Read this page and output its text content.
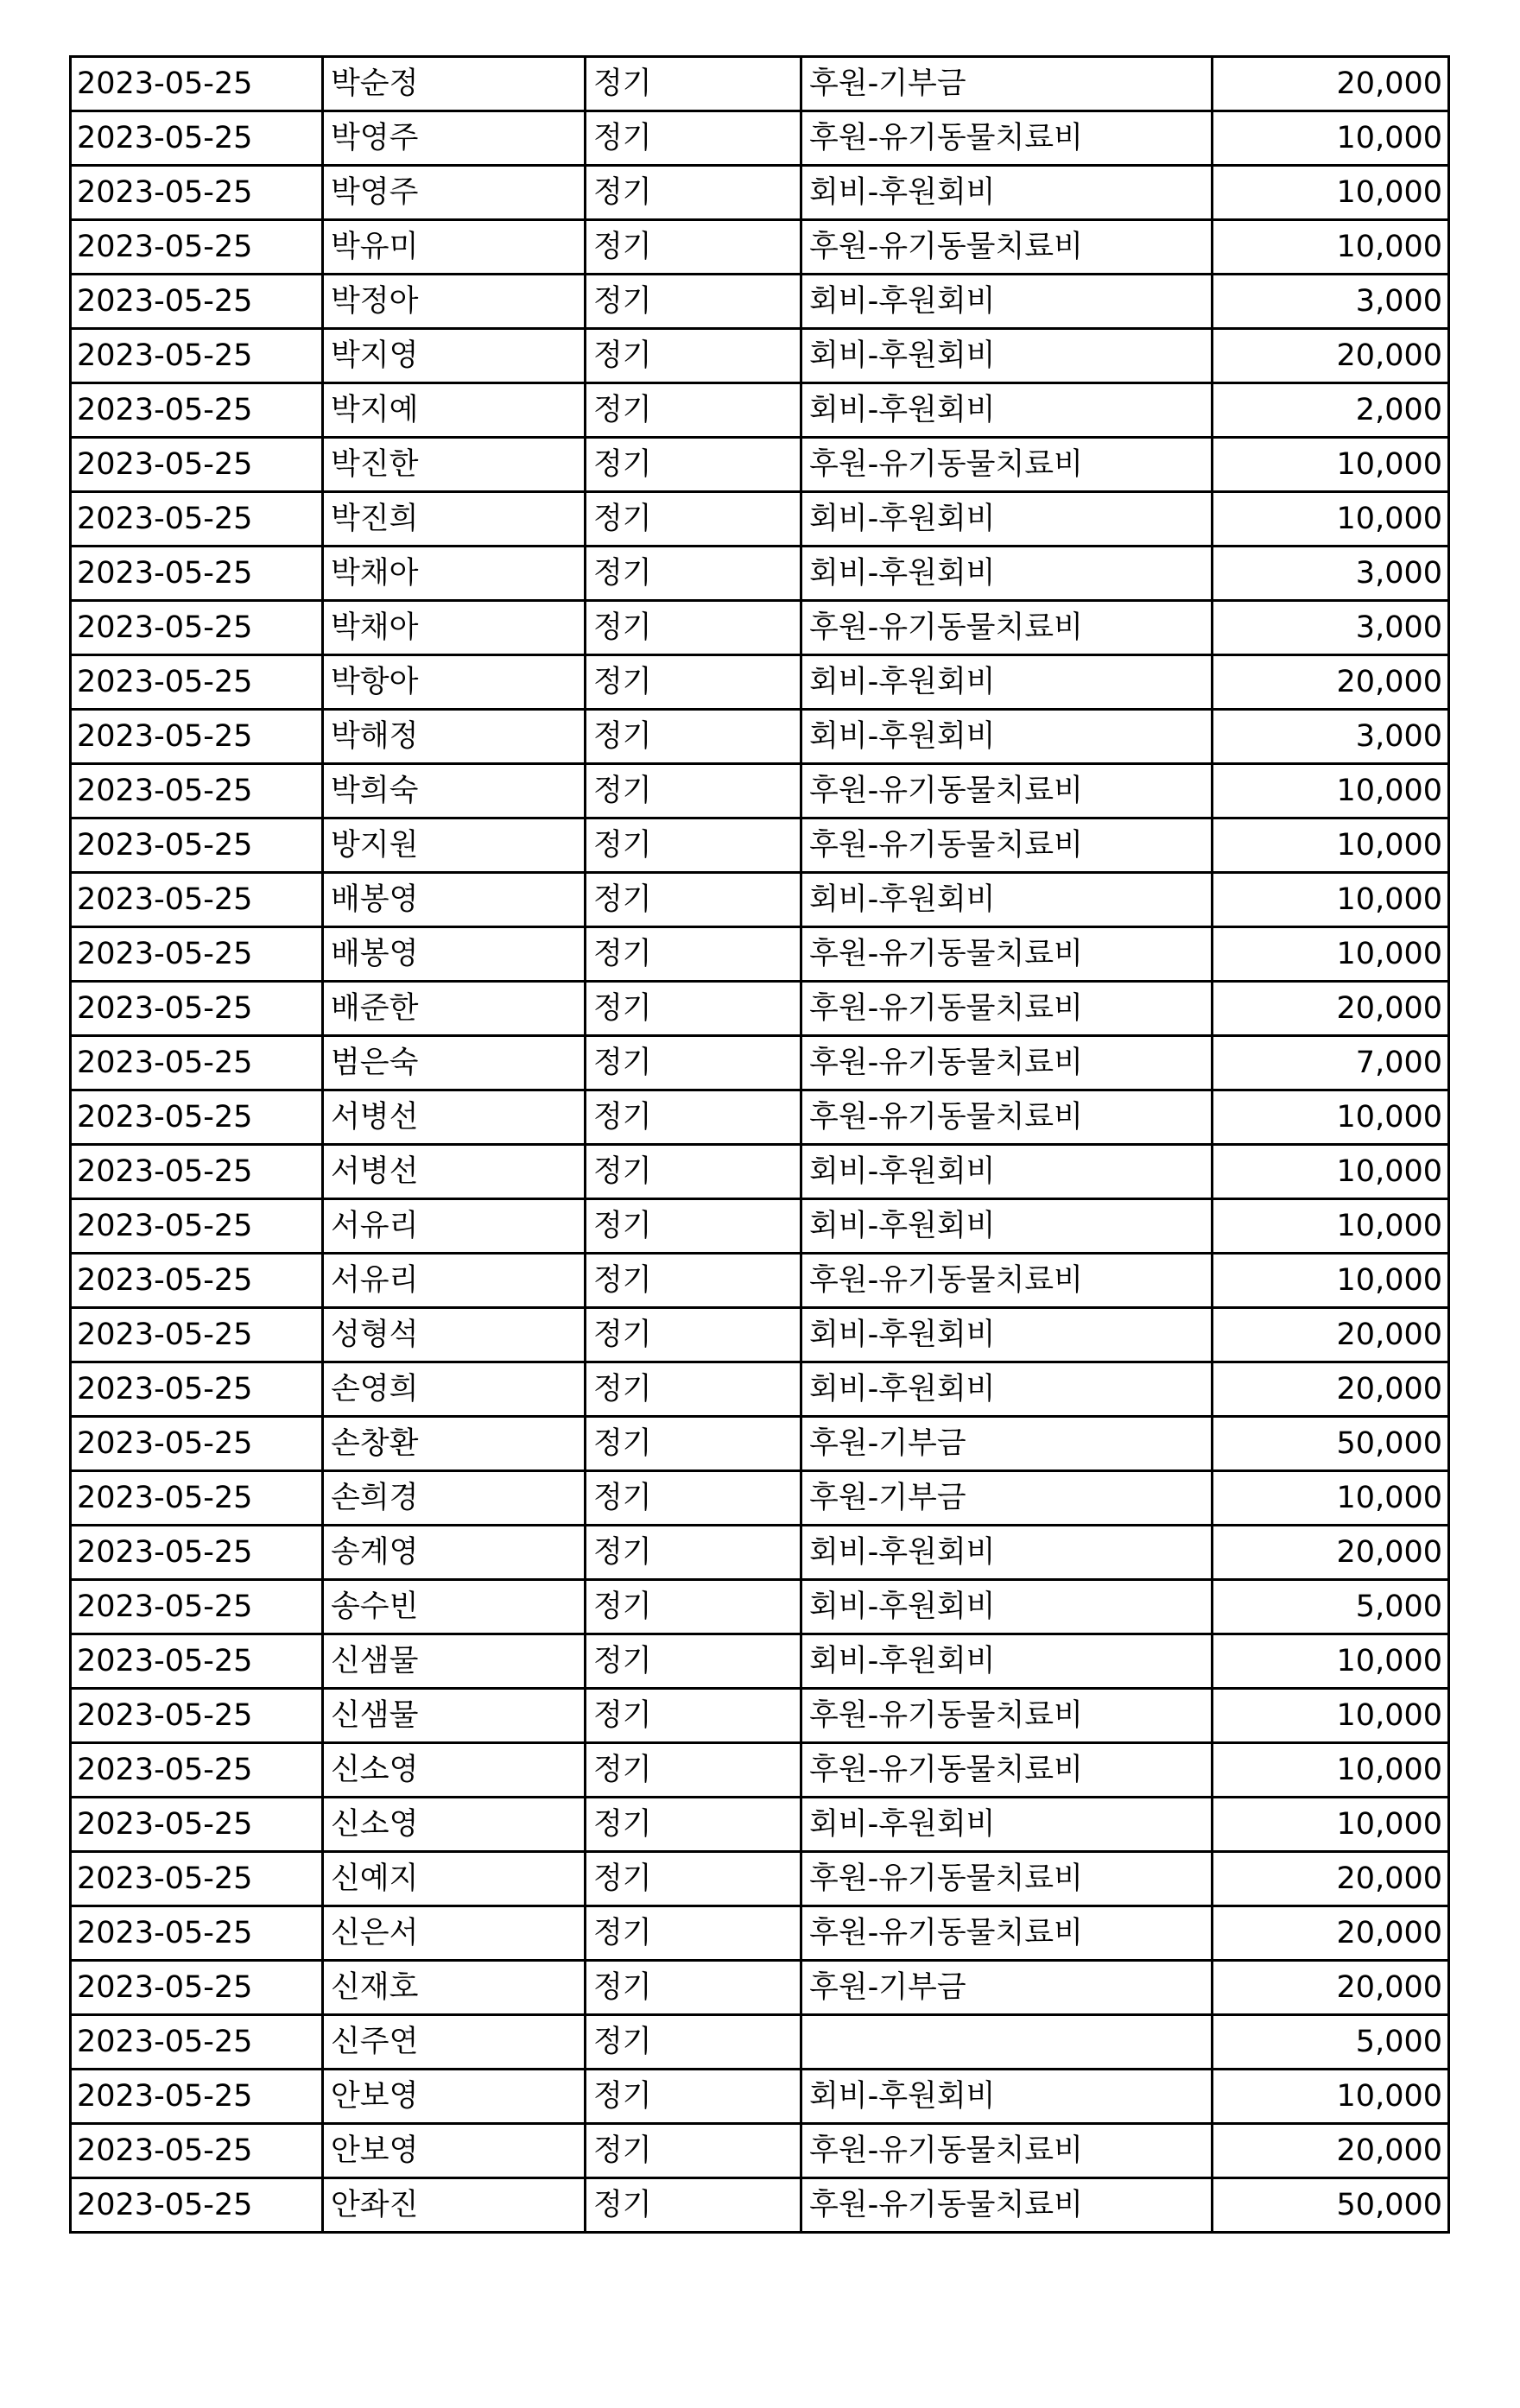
2023-05-25	박순정	정기	후원-기부금	20,000
2023-05-25	박영주	정기	후원-유기동물치료비	10,000
2023-05-25	박영주	정기	회비-후원회비	10,000
2023-05-25	박유미	정기	후원-유기동물치료비	10,000
2023-05-25	박정아	정기	회비-후원회비	3,000
2023-05-25	박지영	정기	회비-후원회비	20,000
2023-05-25	박지예	정기	회비-후원회비	2,000
2023-05-25	박진한	정기	후원-유기동물치료비	10,000
2023-05-25	박진희	정기	회비-후원회비	10,000
2023-05-25	박채아	정기	회비-후원회비	3,000
2023-05-25	박채아	정기	후원-유기동물치료비	3,000
2023-05-25	박항아	정기	회비-후원회비	20,000
2023-05-25	박해정	정기	회비-후원회비	3,000
2023-05-25	박희숙	정기	후원-유기동물치료비	10,000
2023-05-25	방지원	정기	후원-유기동물치료비	10,000
2023-05-25	배봉영	정기	회비-후원회비	10,000
2023-05-25	배봉영	정기	후원-유기동물치료비	10,000
2023-05-25	배준한	정기	후원-유기동물치료비	20,000
2023-05-25	범은숙	정기	후원-유기동물치료비	7,000
2023-05-25	서병선	정기	후원-유기동물치료비	10,000
2023-05-25	서병선	정기	회비-후원회비	10,000
2023-05-25	서유리	정기	회비-후원회비	10,000
2023-05-25	서유리	정기	후원-유기동물치료비	10,000
2023-05-25	성형석	정기	회비-후원회비	20,000
2023-05-25	손영희	정기	회비-후원회비	20,000
2023-05-25	손창환	정기	후원-기부금	50,000
2023-05-25	손희경	정기	후원-기부금	10,000
2023-05-25	송계영	정기	회비-후원회비	20,000
2023-05-25	송수빈	정기	회비-후원회비	5,000
2023-05-25	신샘물	정기	회비-후원회비	10,000
2023-05-25	신샘물	정기	후원-유기동물치료비	10,000
2023-05-25	신소영	정기	후원-유기동물치료비	10,000
2023-05-25	신소영	정기	회비-후원회비	10,000
2023-05-25	신예지	정기	후원-유기동물치료비	20,000
2023-05-25	신은서	정기	후원-유기동물치료비	20,000
2023-05-25	신재호	정기	후원-기부금	20,000
2023-05-25	신주연	정기		5,000
2023-05-25	안보영	정기	회비-후원회비	10,000
2023-05-25	안보영	정기	후원-유기동물치료비	20,000
2023-05-25	안좌진	정기	후원-유기동물치료비	50,000
